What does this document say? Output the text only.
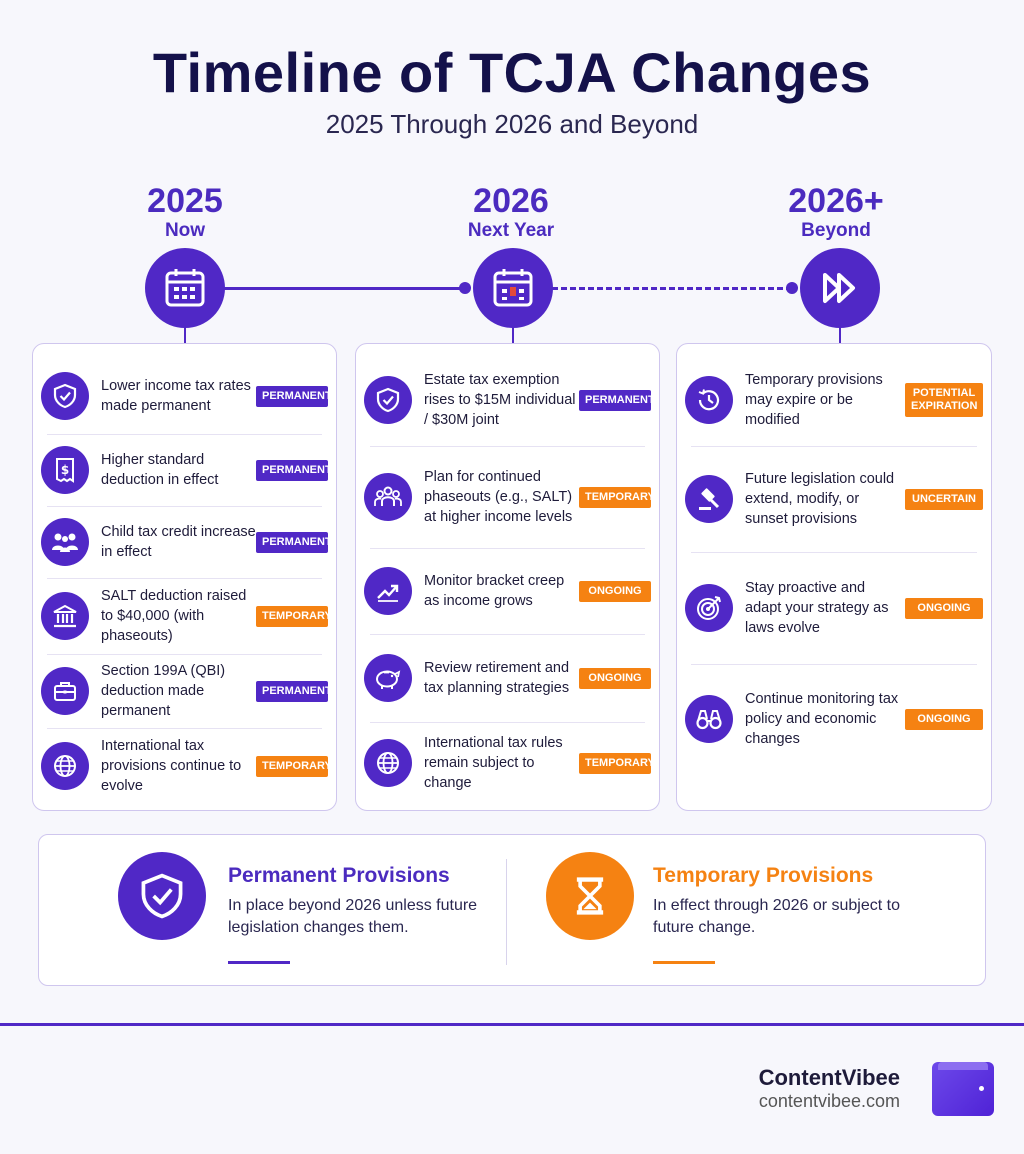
Timeline of TCJA Changes
2025 Through 2026 and Beyond
2025
Now
2026
Next Year
2026+
Beyond
Lower income tax rates made permanent
PERMANENT
$
Higher standard deduction in effect
PERMANENT
Child tax credit increase in effect
PERMANENT
SALT deduction raised to $40,000 (with phaseouts)
TEMPORARY
Section 199A (QBI) deduction made permanent
PERMANENT
International tax provisions continue to evolve
TEMPORARY
Estate tax exemption rises to $15M individual / $30M joint
PERMANENT
Plan for continued phaseouts (e.g., SALT) at higher income levels
TEMPORARY
Monitor bracket creep as income grows
ONGOING
Review retirement and tax planning strategies
ONGOING
International tax rules remain subject to change
TEMPORARY
Temporary provisions may expire or be modified
POTENTIAL EXPIRATION
Future legislation could extend, modify, or sunset provisions
UNCERTAIN
Stay proactive and adapt your strategy as laws evolve
ONGOING
Continue monitoring tax policy and economic changes
ONGOING
Permanent Provisions
In place beyond 2026 unless future legislation changes them.
Temporary Provisions
In effect through 2026 or subject to future change.
ContentVibee
contentvibee.com
